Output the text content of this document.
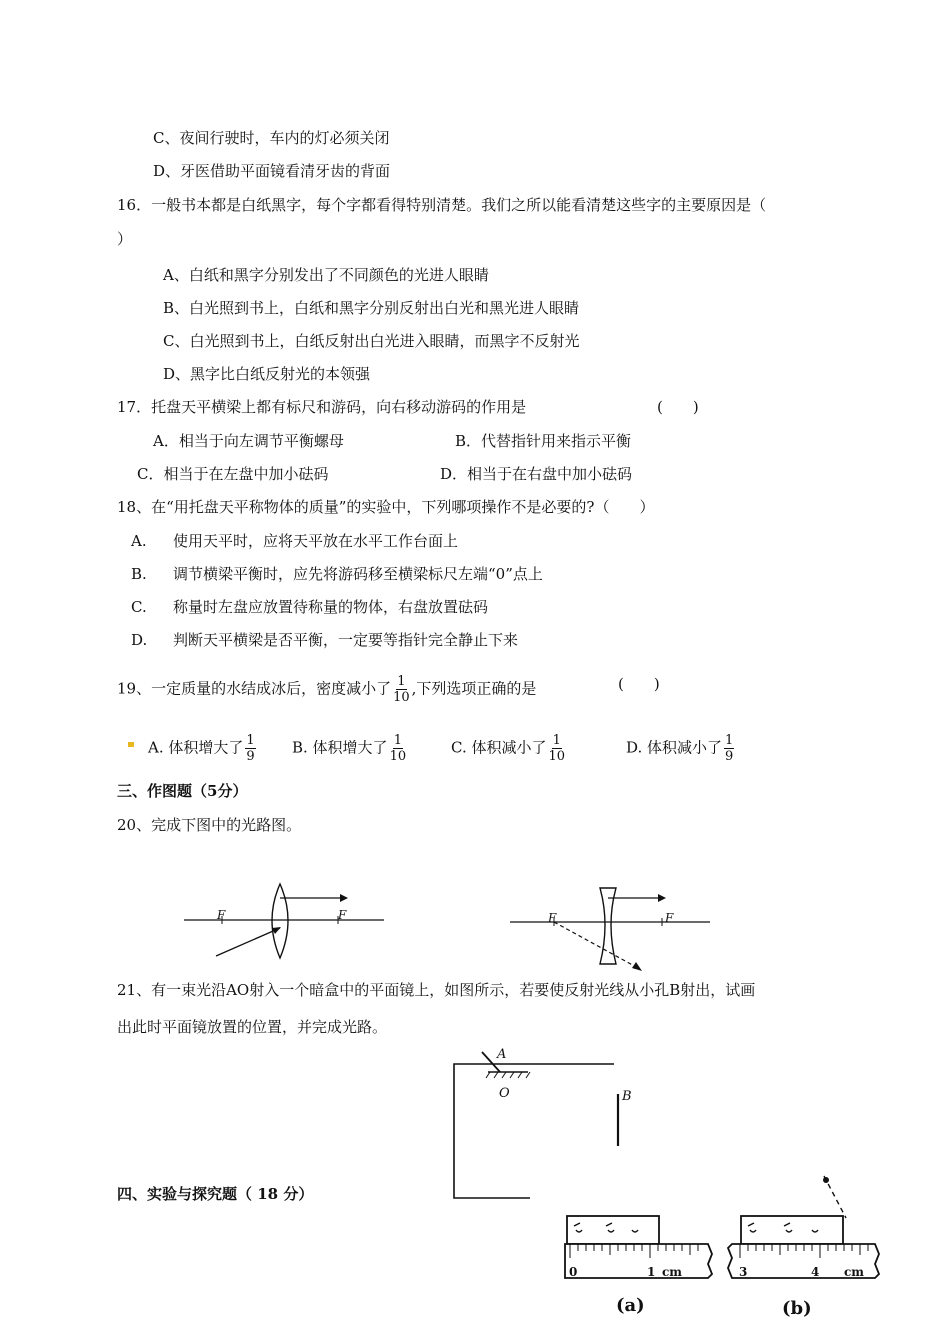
C、夜间行驶时，车内的灯必须关闭
D、牙医借助平面镜看清牙齿的背面
16．一般书本都是白纸黑字，每个字都看得特别清楚。我们之所以能看清楚这些字的主要原因是（
）
A、白纸和黑字分别发出了不同颜色的光进人眼睛
B、白光照到书上，白纸和黑字分别反射出白光和黑光进人眼睛
C、白光照到书上，白纸反射出白光进入眼睛，而黑字不反射光
D、黑字比白纸反射光的本领强
17．托盘天平横梁上都有标尺和游码，向右移动游码的作用是	(　　)
A．相当于向左调节平衡螺母	B．代替指针用来指示平衡
C．相当于在左盘中加小砝码	D．相当于在右盘中加小砝码
18、在“用托盘天平称物体的质量”的实验中，下列哪项操作不是必要的?（　　）
A. 使用天平时，应将天平放在水平工作台面上
B. 调节横梁平衡时，应先将游码移至横梁标尺左端“0”点上
C. 称量时左盘应放置待称量的物体，右盘放置砝码
D. 判断天平横梁是否平衡，一定要等指针完全静止下来
19、一定质量的水结成冰后，密度减小了 $\frac{1}{10}$ ,下列选项正确的是	(　　)
A. 体积增大了 $\frac{1}{9} B$. 体积增大了 $\frac{1}{10}$	C. 体积减小了 $\frac{1}{10}$	D. 体积减小了 $\frac{1}{9}$
三、作图题（5分）
20、完成下图中的光路图。
F	F	F	F
21、有一束光沿AO射入一个暗盒中的平面镜上，如图所示，若要使反射光线从小孔B射出，试画
出此时平面镜放置的位置，并完成光路。
A
O	B
四、实验与探究题（ 18 分）
0	1 cm
(a)
3	4 cm
(b)
